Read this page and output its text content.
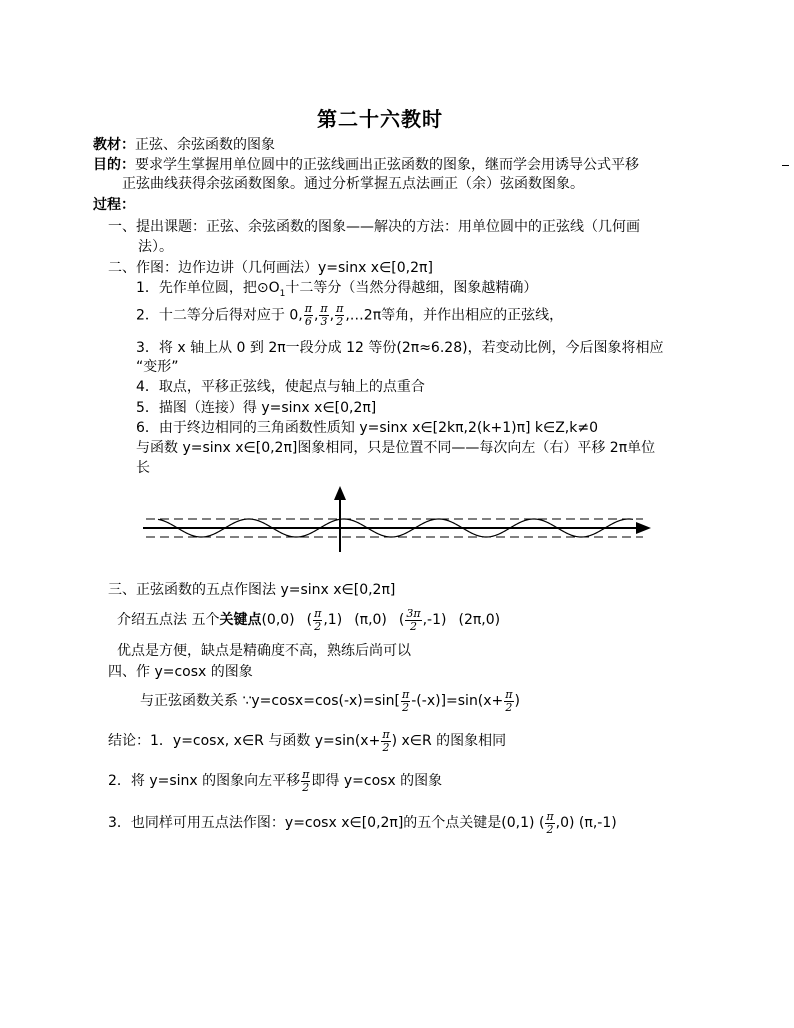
第二十六教时
教材：正弦、余弦函数的图象
目的：要求学生掌握用单位圆中的正弦线画出正弦函数的图象，继而学会用诱导公式平移
正弦曲线获得余弦函数图象。通过分析掌握五点法画正（余）弦函数图象。
过程：
一、提出课题：正弦、余弦函数的图象——解决的方法：用单位圆中的正弦线（几何画
法）。
二、作图：边作边讲（几何画法）y=sinx x∈[0,2π]
1．先作单位圆，把$⊙O_1$十二等分（当然分得越细，图象越精确）
2．十二等分后得对应于 0, $\frac{\pi}{6}$ , $\frac{\pi}{3}$ , $\frac{\pi}{2}$ ,…2π等角，并作出相应的正弦线，
3．将 x 轴上从 0 到 2π一段分成 12 等份(2π≈6.28)，若变动比例，今后图象将相应
“变形”
4．取点，平移正弦线，使起点与轴上的点重合
5．描图（连接）得 y=sinx x∈[0,2π]
6．由于终边相同的三角函数性质知 y=sinx x∈[2kπ,2(k+1)π] k∈Z,k≠0
与函数 y=sinx x∈[0,2π]图象相同，只是位置不同——每次向左（右）平移 2π单位
长
三、正弦函数的五点作图法 y=sinx x∈[0,2π]
介绍五点法 五个关键点(0,0) ( $\frac{\pi}{2} ,1$) (π,0) ( $\frac{3\pi}{2} ,-1$) (2π,0)
优点是方便，缺点是精确度不高，熟练后尚可以
四、作 y=cosx 的图象
与正弦函数关系 ∵y=cosx=cos(-x)=sin[ $\frac{\pi}{2} -(-x)]=\sin(x+ \frac{\pi}{2}$ )
结论：1．y=cosx, x∈R 与函数 $y=\sin(x+ \frac{\pi}{2}$ ) x∈R 的图象相同
2．将 y=sinx 的图象向左平移 $\frac{\pi}{2}$ 即得 y=cosx 的图象
3．也同样可用五点法作图：y=cosx x∈[0,2π]的五个点关键是(0,1) ( $\frac{\pi}{2} ,0$) (π,-1)
